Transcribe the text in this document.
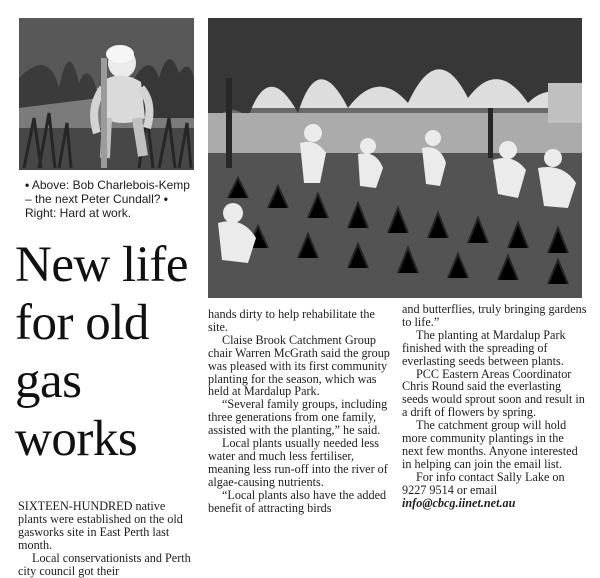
• Above: Bob Charlebois-Kemp – the next Peter Cundall? • Right: Hard at work.
New life for old gas works

SIXTEEN-HUNDRED native plants were established on the old gasworks site in East Perth last month.

Local conservationists and Perth city council got their

hands dirty to help rehabilitate the site.

Claise Brook Catchment Group chair Warren McGrath said the group was pleased with its first community planting for the season, which was held at Mardalup Park.

“Several family groups, including three generations from one family, assisted with the planting,” he said.

Local plants usually needed less water and much less fertiliser, meaning less run-off into the river of algae-causing nutrients.

“Local plants also have the added benefit of attracting birds

and butterflies, truly bringing gardens to life.”

The planting at Mardalup Park finished with the spreading of everlasting seeds between plants.

PCC Eastern Areas Coordinator Chris Round said the everlasting seeds would sprout soon and result in a drift of flowers by spring.

The catchment group will hold more community plantings in the next few months. Anyone interested in helping can join the email list.

For info contact Sally Lake on 9227 9514 or email info@cbcg.iinet.net.au
